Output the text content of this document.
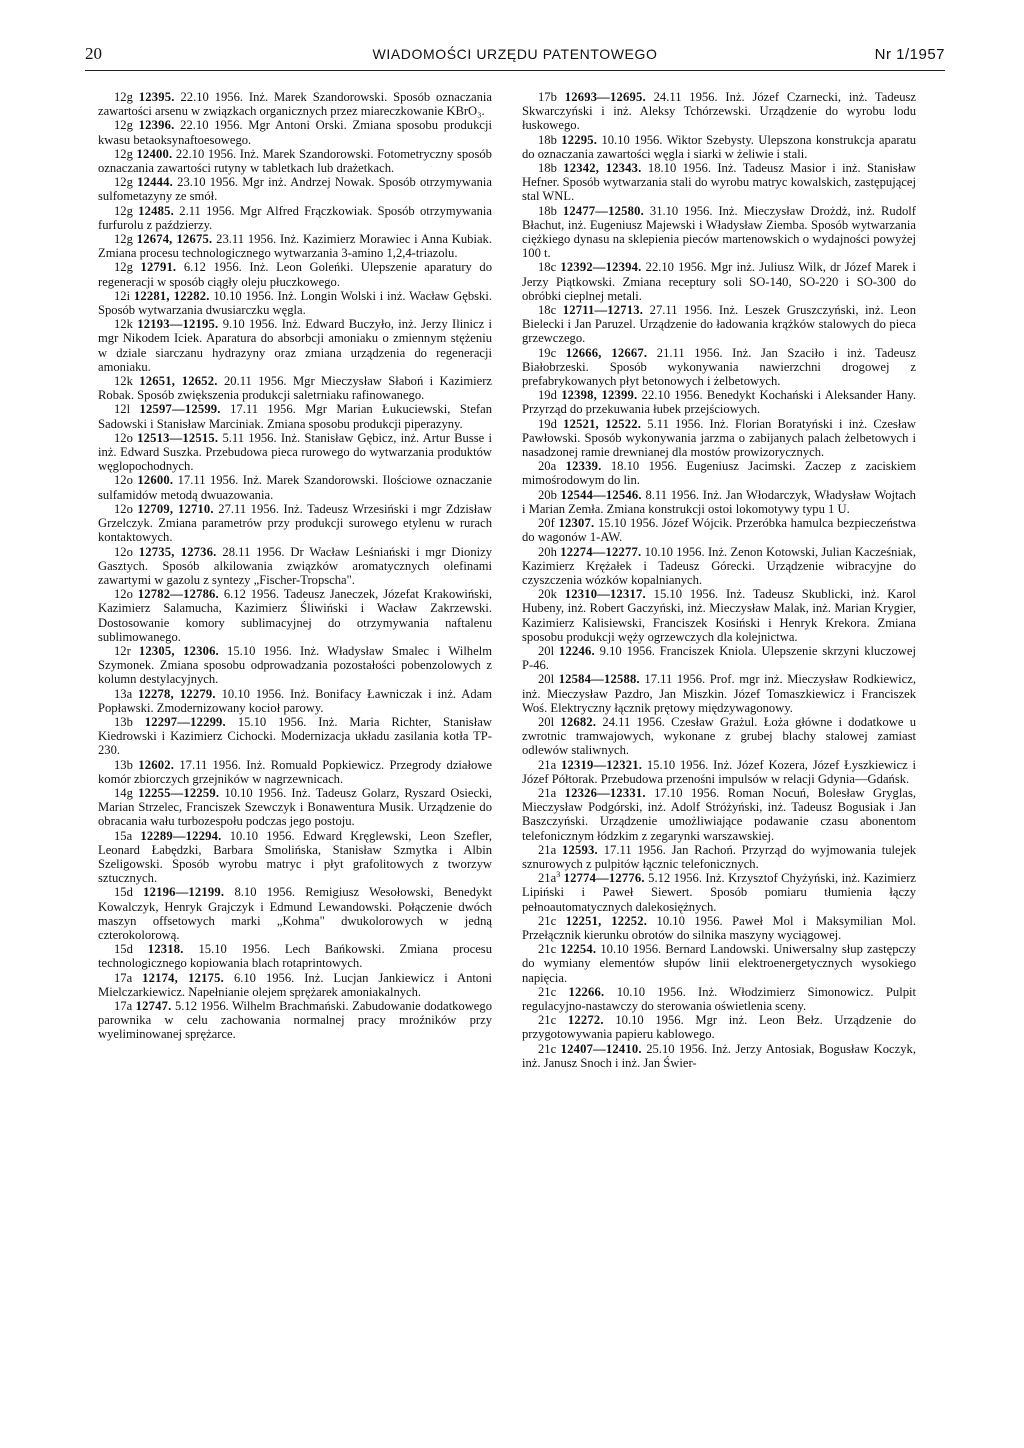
20	WIADOMOŚCI URZĘDU PATENTOWEGO	Nr 1/1957

12g 12395. 22.10 1956. Inż. Marek Szandorowski. Sposób oznaczania zawartości arsenu w związkach organicznych przez miareczkowanie KBrO₃.

12g 12396. 22.10 1956. Mgr Antoni Orski. Zmiana sposobu produkcji kwasu betaoksynaftoesowego.

12g 12400. 22.10 1956. Inż. Marek Szandorowski. Fotometryczny sposób oznaczania zawartości rutyny w tabletkach lub drażetkach.

12g 12444. 23.10 1956. Mgr inż. Andrzej Nowak. Sposób otrzymywania sulfometazyny ze smół.

12g 12485. 2.11 1956. Mgr Alfred Frączkowiak. Sposób otrzymywania furfurolu z paździerzy.

12g 12674, 12675. 23.11 1956. Inż. Kazimierz Morawiec i Anna Kubiak. Zmiana procesu technologicznego wytwarzania 3-amino 1,2,4-triazolu.

12g 12791. 6.12 1956. Inż. Leon Goleńki. Ulepszenie aparatury do regeneracji w sposób ciągły oleju płuczkowego.

12i 12281, 12282. 10.10 1956. Inż. Longin Wolski i inż. Wacław Gębski. Sposób wytwarzania dwusiarczku węgla.

12k 12193—12195. 9.10 1956. Inż. Edward Buczyło, inż. Jerzy Ilinicz i mgr Nikodem Iciek. Aparatura do absorbcji amoniaku o zmiennym stężeniu w dziale siarczanu hydrazyny oraz zmiana urządzenia do regeneracji amoniaku.

12k 12651, 12652. 20.11 1956. Mgr Mieczysław Słaboń i Kazimierz Robak. Sposób zwiększenia produkcji saletrniaku rafinowanego.

12l 12597—12599. 17.11 1956. Mgr Marian Łukuciewski, Stefan Sadowski i Stanisław Marciniak. Zmiana sposobu produkcji piperazyny.

12o 12513—12515. 5.11 1956. Inż. Stanisław Gębicz, inż. Artur Busse i inż. Edward Suszka. Przebudowa pieca rurowego do wytwarzania produktów węglopochodnych.

12o 12600. 17.11 1956. Inż. Marek Szandorowski. Ilościowe oznaczanie sulfamidów metodą dwuazowania.

12o 12709, 12710. 27.11 1956. Inż. Tadeusz Wrzesiński i mgr Zdzisław Grzelczyk. Zmiana parametrów przy produkcji surowego etylenu w rurach kontaktowych.

12o 12735, 12736. 28.11 1956. Dr Wacław Leśniański i mgr Dionizy Gasztych. Sposób alkilowania związków aromatycznych olefinami zawartymi w gazolu z syntezy „Fischer-Tropscha".

12o 12782—12786. 6.12 1956. Tadeusz Janeczek, Józefat Krakowiński, Kazimierz Salamucha, Kazimierz Śliwiński i Wacław Zakrzewski. Dostosowanie komory sublimacyjnej do otrzymywania naftalenu sublimowanego.

12r 12305, 12306. 15.10 1956. Inż. Władysław Smalec i Wilhelm Szymonek. Zmiana sposobu odprowadzania pozostałości pobenzolowych z kolumn destylacyjnych.

13a 12278, 12279. 10.10 1956. Inż. Bonifacy Ławniczak i inż. Adam Popławski. Zmodernizowany kocioł parowy.

13b 12297—12299. 15.10 1956. Inż. Maria Richter, Stanisław Kiedrowski i Kazimierz Cichocki. Modernizacja układu zasilania kotła TP-230.

13b 12602. 17.11 1956. Inż. Romuald Popkiewicz. Przegrody działowe komór zbiorczych grzejników w nagrzewnicach.

14g 12255—12259. 10.10 1956. Inż. Tadeusz Golarz, Ryszard Osiecki, Marian Strzelec, Franciszek Szewczyk i Bonawentura Musik. Urządzenie do obracania wału turbozespołu podczas jego postoju.

15a 12289—12294. 10.10 1956. Edward Kręglewski, Leon Szefler, Leonard Łabędzki, Barbara Smolińska, Stanisław Szmytka i Albin Szeligowski. Sposób wyrobu matryc i płyt grafolitowych z tworzyw sztucznych.

15d 12196—12199. 8.10 1956. Remigiusz Wesołowski, Benedykt Kowalczyk, Henryk Grajczyk i Edmund Lewandowski. Połączenie dwóch maszyn offsetowych marki „Kohma" dwukolorowych w jedną czterokolorową.

15d 12318. 15.10 1956. Lech Bańkowski. Zmiana procesu technologicznego kopiowania blach rotaprintowych.

17a 12174, 12175. 6.10 1956. Inż. Lucjan Jankiewicz i Antoni Mielczarkiewicz. Napełnianie olejem sprężarek amoniakalnych.

17a 12747. 5.12 1956. Wilhelm Brachmański. Zabudowanie dodatkowego parownika w celu zachowania normalnej pracy mroźników przy wyeliminowanej sprężarce.

17b 12693—12695. 24.11 1956. Inż. Józef Czarnecki, inż. Tadeusz Skwarczyński i inż. Aleksy Tchórzewski. Urządzenie do wyrobu lodu łuskowego.

18b 12295. 10.10 1956. Wiktor Szebysty. Ulepszona konstrukcja aparatu do oznaczania zawartości węgla i siarki w żeliwie i stali.

18b 12342, 12343. 18.10 1956. Inż. Tadeusz Masior i inż. Stanisław Hefner. Sposób wytwarzania stali do wyrobu matryc kowalskich, zastępującej stal WNL.

18b 12477—12580. 31.10 1956. Inż. Mieczysław Drożdż, inż. Rudolf Błachut, inż. Eugeniusz Majewski i Władysław Ziemba. Sposób wytwarzania ciężkiego dynasu na sklepienia pieców martenowskich o wydajności powyżej 100 t.

18c 12392—12394. 22.10 1956. Mgr inż. Juliusz Wilk, dr Józef Marek i Jerzy Piątkowski. Zmiana receptury soli SO-140, SO-220 i SO-300 do obróbki cieplnej metali.

18c 12711—12713. 27.11 1956. Inż. Leszek Gruszczyński, inż. Leon Bielecki i Jan Paruzel. Urządzenie do ładowania krążków stalowych do pieca grzewczego.

19c 12666, 12667. 21.11 1956. Inż. Jan Szaciło i inż. Tadeusz Białobrzeski. Sposób wykonywania nawierzchni drogowej z prefabrykowanych płyt betonowych i żelbetowych.

19d 12398, 12399. 22.10 1956. Benedykt Kochański i Aleksander Hany. Przyrząd do przekuwania łubek przejściowych.

19d 12521, 12522. 5.11 1956. Inż. Florian Boratyński i inż. Czesław Pawłowski. Sposób wykonywania jarzma o zabijanych palach żelbetowych i nasadzonej ramie drewnianej dla mostów prowizorycznych.

20a 12339. 18.10 1956. Eugeniusz Jacimski. Zaczep z zaciskiem mimośrodowym do lin.

20b 12544—12546. 8.11 1956. Inż. Jan Włodarczyk, Władysław Wojtach i Marian Zemła. Zmiana konstrukcji ostoi lokomotywy typu 1 U.

20f 12307. 15.10 1956. Józef Wójcik. Przeróbka hamulca bezpieczeństwa do wagonów 1-AW.

20h 12274—12277. 10.10 1956. Inż. Zenon Kotowski, Julian Kacześniak, Kazimierz Krężałek i Tadeusz Górecki. Urządzenie wibracyjne do czyszczenia wózków kopalnianych.

20k 12310—12317. 15.10 1956. Inż. Tadeusz Skublicki, inż. Karol Hubeny, inż. Robert Gaczyński, inż. Mieczysław Malak, inż. Marian Krygier, Kazimierz Kalisiewski, Franciszek Kosiński i Henryk Krekora. Zmiana sposobu produkcji węży ogrzewczych dla kolejnictwa.

20l 12246. 9.10 1956. Franciszek Kniola. Ulepszenie skrzyni kluczowej P-46.

20l 12584—12588. 17.11 1956. Prof. mgr inż. Mieczysław Rodkiewicz, inż. Mieczysław Pazdro, Jan Miszkin. Józef Tomaszkiewicz i Franciszek Woś. Elektryczny łącznik prętowy międzywagonowy.

20l 12682. 24.11 1956. Czesław Grażul. Łoża główne i dodatkowe u zwrotnic tramwajowych, wykonane z grubej blachy stalowej zamiast odlewów staliwnych.

21a 12319—12321. 15.10 1956. Inż. Józef Kozera, Józef Łyszkiewicz i Józef Półtorak. Przebudowa przenośni impulsów w relacji Gdynia—Gdańsk.

21a 12326—12331. 17.10 1956. Roman Nocuń, Bolesław Gryglas, Mieczysław Podgórski, inż. Adolf Stróżyński, inż. Tadeusz Bogusiak i Jan Baszczyński. Urządzenie umożliwiające podawanie czasu abonentom telefonicznym łódzkim z zegarynki warszawskiej.

21a 12593. 17.11 1956. Jan Rachoń. Przyrząd do wyjmowania tulejek sznurowych z pulpitów łącznic telefonicznych.

$21a^3$ 12774—12776. 5.12 1956. Inż. Krzysztof Chyżyński, inż. Kazimierz Lipiński i Paweł Siewert. Sposób pomiaru tłumienia łączy pełnoautomatycznych dalekosiężnych.

21c 12251, 12252. 10.10 1956. Paweł Mol i Maksymilian Mol. Przełącznik kierunku obrotów do silnika maszyny wyciągowej.

21c 12254. 10.10 1956. Bernard Landowski. Uniwersalny słup zastępczy do wymiany elementów słupów linii elektroenergetycznych wysokiego napięcia.

21c 12266. 10.10 1956. Inż. Włodzimierz Simonowicz. Pulpit regulacyjno-nastawczy do sterowania oświetlenia sceny.

21c 12272. 10.10 1956. Mgr inż. Leon Bełz. Urządzenie do przygotowywania papieru kablowego.

21c 12407—12410. 25.10 1956. Inż. Jerzy Antosiak, Bogusław Koczyk, inż. Janusz Snoch i inż. Jan Świer-
